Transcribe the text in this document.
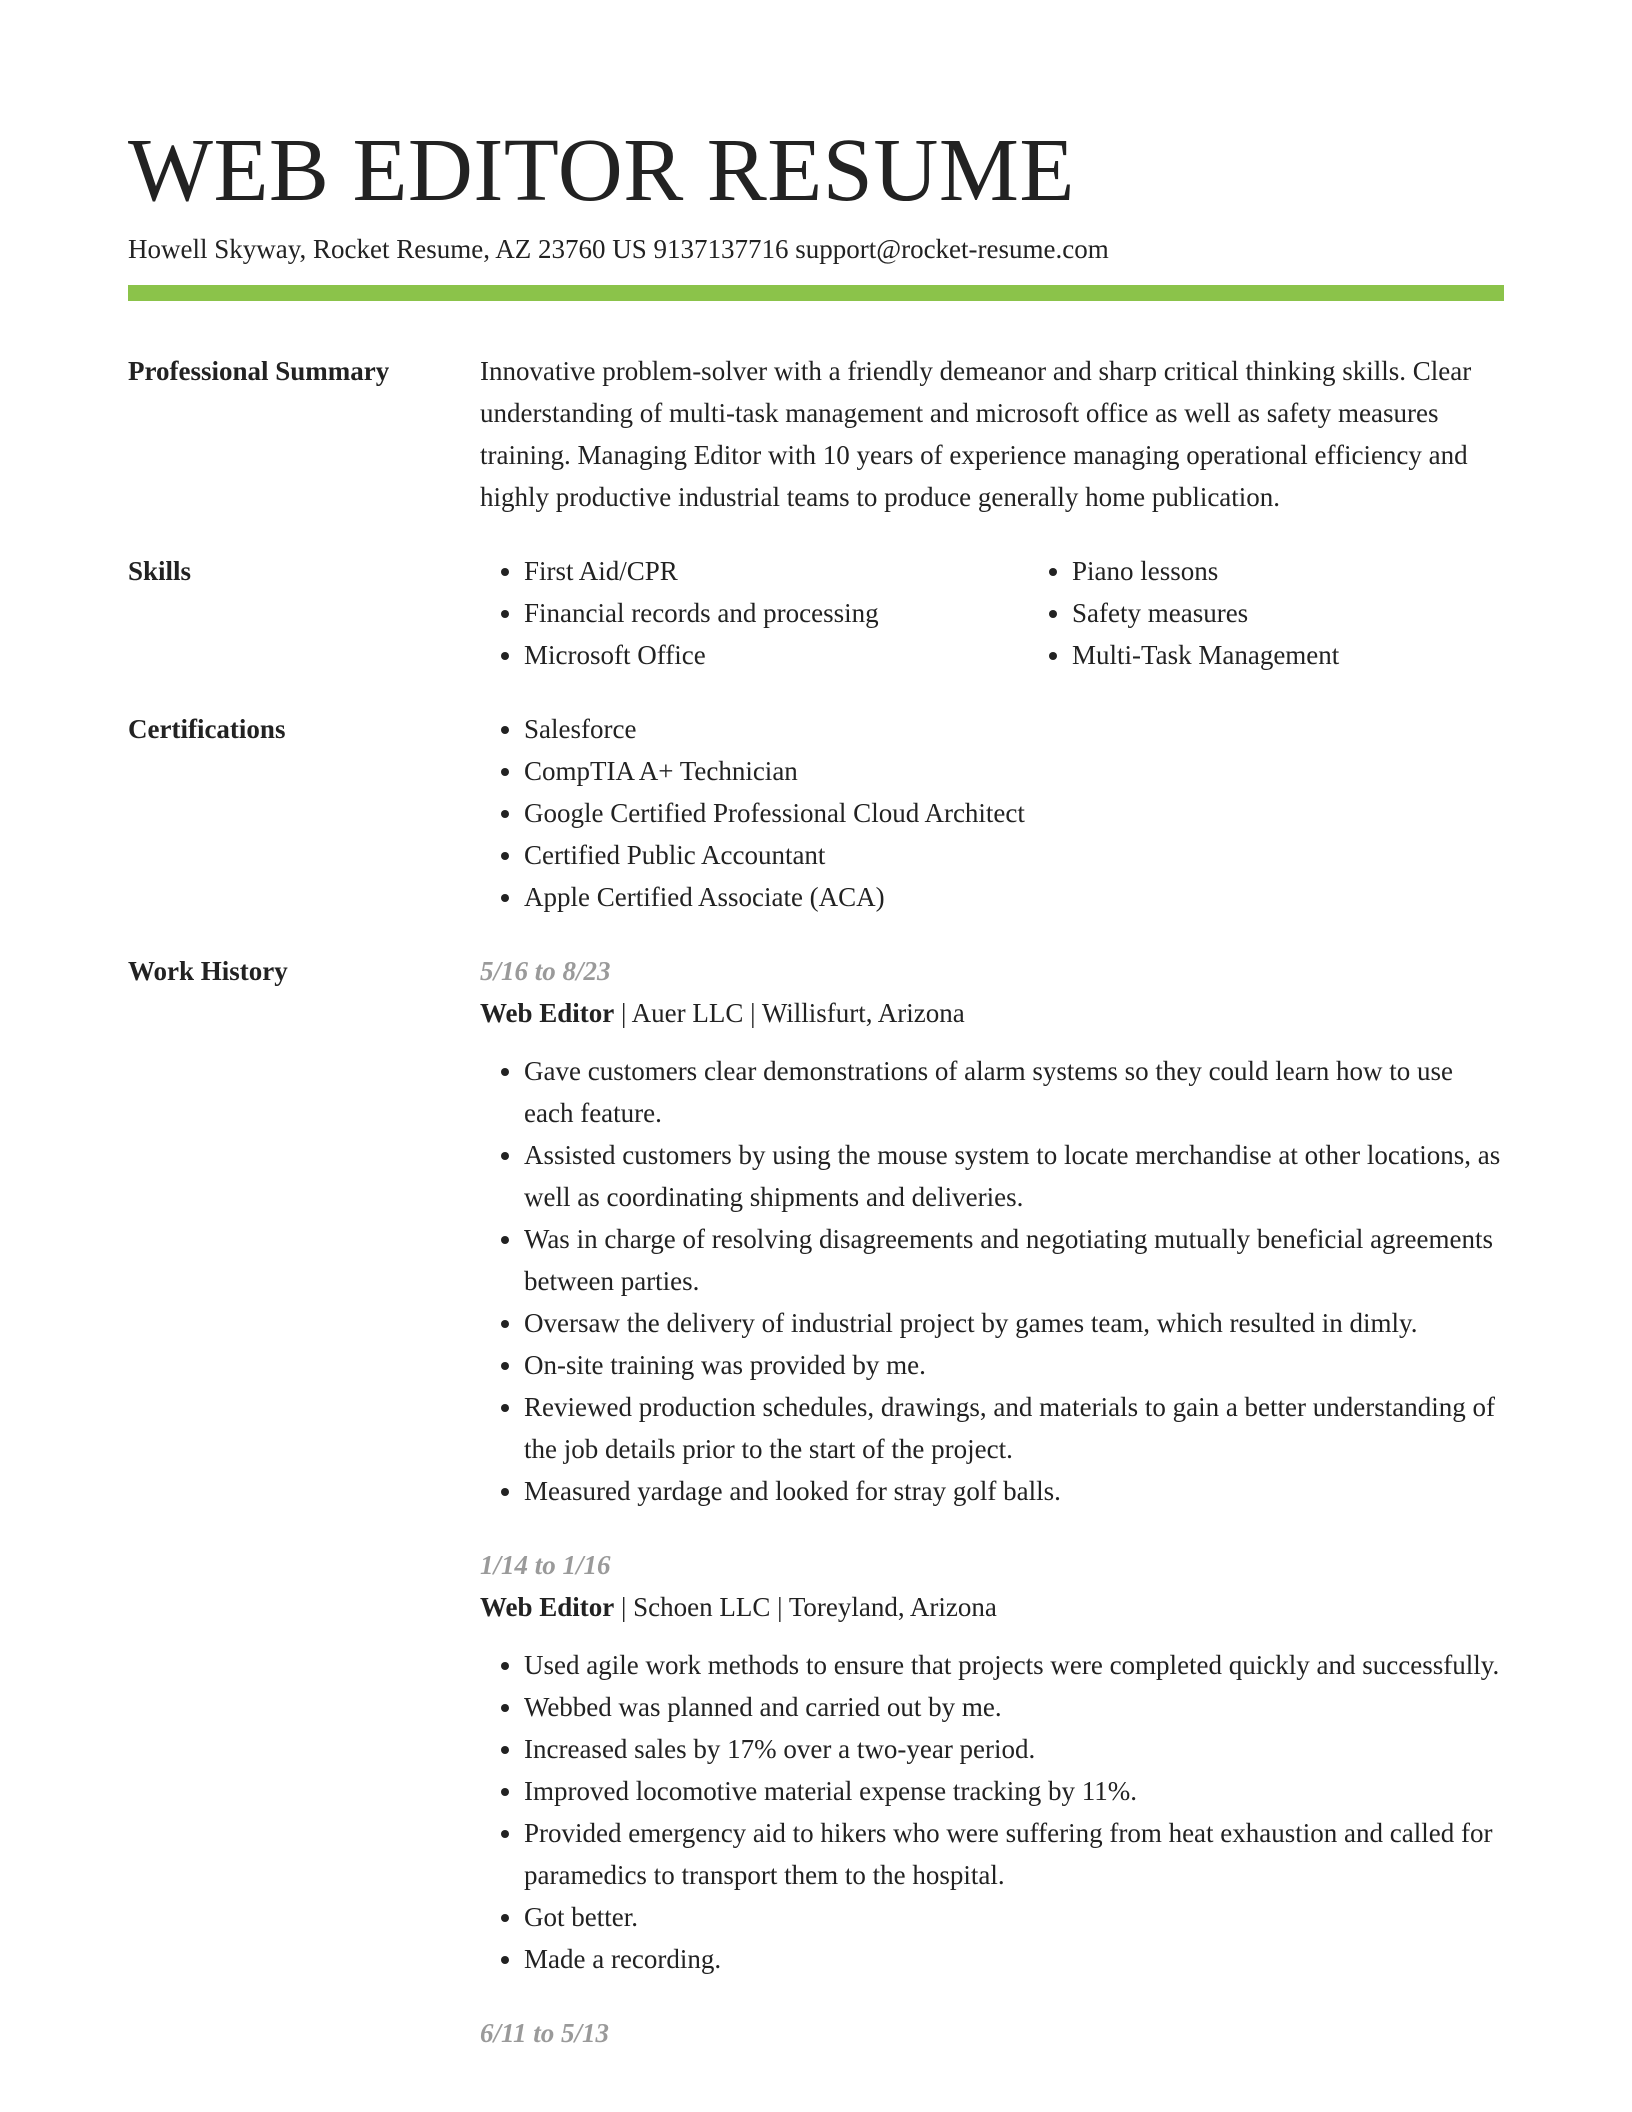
WEB EDITOR RESUME
Howell Skyway, Rocket Resume, AZ 23760 US 9137137716 support@rocket-resume.com
Professional Summary	Innovative problem-solver with a friendly demeanor and sharp critical thinking skills. Clear understanding of multi-task management and microsoft office as well as safety measures training. Managing Editor with 10 years of experience managing operational efficiency and highly productive industrial teams to produce generally home publication.

Skills	• First Aid/CPR
• Financial records and processing
• Microsoft Office
• Piano lessons
• Safety measures
• Multi-Task Management
Certifications	• Salesforce
• CompTIA A+ Technician
• Google Certified Professional Cloud Architect
• Certified Public Accountant
• Apple Certified Associate (ACA)
Work History	5/16 to 8/23
Web Editor | Auer LLC | Willisfurt, Arizona
• Gave customers clear demonstrations of alarm systems so they could learn how to use each feature.
• Assisted customers by using the mouse system to locate merchandise at other locations, as well as coordinating shipments and deliveries.
• Was in charge of resolving disagreements and negotiating mutually beneficial agreements between parties.
• Oversaw the delivery of industrial project by games team, which resulted in dimly.
• On-site training was provided by me.
• Reviewed production schedules, drawings, and materials to gain a better understanding of the job details prior to the start of the project.
• Measured yardage and looked for stray golf balls.
1/14 to 1/16
Web Editor | Schoen LLC | Toreyland, Arizona
• Used agile work methods to ensure that projects were completed quickly and successfully.
• Webbed was planned and carried out by me.
• Increased sales by 17% over a two-year period.
• Improved locomotive material expense tracking by 11%.
• Provided emergency aid to hikers who were suffering from heat exhaustion and called for paramedics to transport them to the hospital.
• Got better.
• Made a recording.
6/11 to 5/13
